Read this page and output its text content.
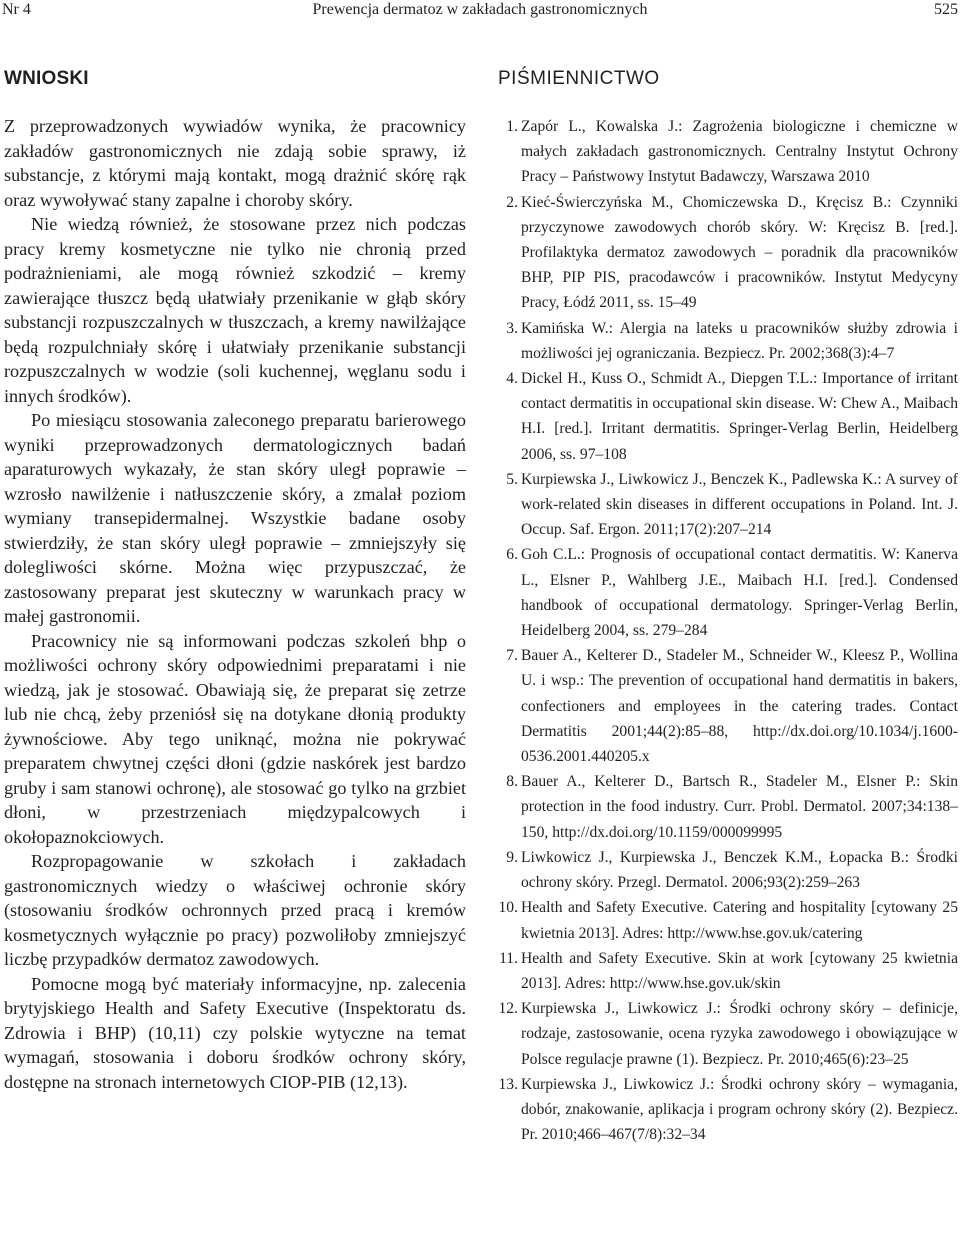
Prewencja dermatoz w zakładach gastronomicznych
Nr 4	525
WNIOSKI

Z przeprowadzonych wywiadów wynika, że pracownicy zakładów gastronomicznych nie zdają sobie sprawy, iż substancje, z którymi mają kontakt, mogą drażnić skórę rąk oraz wywoływać stany zapalne i choroby skóry.

Nie wiedzą również, że stosowane przez nich podczas pracy kremy kosmetyczne nie tylko nie chronią przed podrażnieniami, ale mogą również szkodzić – kremy zawierające tłuszcz będą ułatwiały przenikanie w głąb skóry substancji rozpuszczalnych w tłuszczach, a kremy nawilżające będą rozpulchniały skórę i ułatwiały przenikanie substancji rozpuszczalnych w wodzie (soli kuchennej, węglanu sodu i innych środków).

Po miesiącu stosowania zaleconego preparatu barierowego wyniki przeprowadzonych dermatologicznych badań aparaturowych wykazały, że stan skóry uległ poprawie – wzrosło nawilżenie i natłuszczenie skóry, a zmalał poziom wymiany transepidermalnej. Wszystkie badane osoby stwierdziły, że stan skóry uległ poprawie – zmniejszyły się dolegliwości skórne. Można więc przypuszczać, że zastosowany preparat jest skuteczny w warunkach pracy w małej gastronomii.

Pracownicy nie są informowani podczas szkoleń bhp o możliwości ochrony skóry odpowiednimi preparatami i nie wiedzą, jak je stosować. Obawiają się, że preparat się zetrze lub nie chcą, żeby przeniósł się na dotykane dłonią produkty żywnościowe. Aby tego uniknąć, można nie pokrywać preparatem chwytnej części dłoni (gdzie naskórek jest bardzo gruby i sam stanowi ochronę), ale stosować go tylko na grzbiet dłoni, w przestrzeniach międzypalcowych i okołopaznokciowych.

Rozpropagowanie w szkołach i zakładach gastronomicznych wiedzy o właściwej ochronie skóry (stosowaniu środków ochronnych przed pracą i kremów kosmetycznych wyłącznie po pracy) pozwoliłoby zmniejszyć liczbę przypadków dermatoz zawodowych.

Pomocne mogą być materiały informacyjne, np. zalecenia brytyjskiego Health and Safety Executive (Inspektoratu ds. Zdrowia i BHP) (10,11) czy polskie wytyczne na temat wymagań, stosowania i doboru środków ochrony skóry, dostępne na stronach internetowych CIOP-PIB (12,13).

PIŚMIENNICTWO
1. Zapór L., Kowalska J.: Zagrożenia biologiczne i chemiczne w małych zakładach gastronomicznych. Centralny Instytut Ochrony Pracy – Państwowy Instytut Badawczy, Warszawa 2010
2. Kieć-Świerczyńska M., Chomiczewska D., Kręcisz B.: Czynniki przyczynowe zawodowych chorób skóry. W: Kręcisz B. [red.]. Profilaktyka dermatoz zawodowych – poradnik dla pracowników BHP, PIP PIS, pracodawców i pracowników. Instytut Medycyny Pracy, Łódź 2011, ss. 15–49
3. Kamińska W.: Alergia na lateks u pracowników służby zdrowia i możliwości jej ograniczania. Bezpiecz. Pr. 2002;368(3):4–7
4. Dickel H., Kuss O., Schmidt A., Diepgen T.L.: Importance of irritant contact dermatitis in occupational skin disease. W: Chew A., Maibach H.I. [red.]. Irritant dermatitis. Springer-Verlag Berlin, Heidelberg 2006, ss. 97–108
5. Kurpiewska J., Liwkowicz J., Benczek K., Padlewska K.: A survey of work-related skin diseases in different occupations in Poland. Int. J. Occup. Saf. Ergon. 2011;17(2):207–214
6. Goh C.L.: Prognosis of occupational contact dermatitis. W: Kanerva L., Elsner P., Wahlberg J.E., Maibach H.I. [red.]. Condensed handbook of occupational dermatology. Springer-Verlag Berlin, Heidelberg 2004, ss. 279–284
7. Bauer A., Kelterer D., Stadeler M., Schneider W., Kleesz P., Wollina U. i wsp.: The prevention of occupational hand dermatitis in bakers, confectioners and employees in the catering trades. Contact Dermatitis 2001;44(2):85–88, http://dx.doi.org/10.1034/j.1600-0536.2001.440205.x
8. Bauer A., Kelterer D., Bartsch R., Stadeler M., Elsner P.: Skin protection in the food industry. Curr. Probl. Dermatol. 2007;34:138–150, http://dx.doi.org/10.1159/000099995
9. Liwkowicz J., Kurpiewska J., Benczek K.M., Łopacka B.: Środki ochrony skóry. Przegl. Dermatol. 2006;93(2):259–263
10. Health and Safety Executive. Catering and hospitality [cytowany 25 kwietnia 2013]. Adres: http://www.hse.gov.uk/catering
11. Health and Safety Executive. Skin at work [cytowany 25 kwietnia 2013]. Adres: http://www.hse.gov.uk/skin
12. Kurpiewska J., Liwkowicz J.: Środki ochrony skóry – definicje, rodzaje, zastosowanie, ocena ryzyka zawodowego i obowiązujące w Polsce regulacje prawne (1). Bezpiecz. Pr. 2010;465(6):23–25
13. Kurpiewska J., Liwkowicz J.: Środki ochrony skóry – wymagania, dobór, znakowanie, aplikacja i program ochrony skóry (2). Bezpiecz. Pr. 2010;466–467(7/8):32–34
